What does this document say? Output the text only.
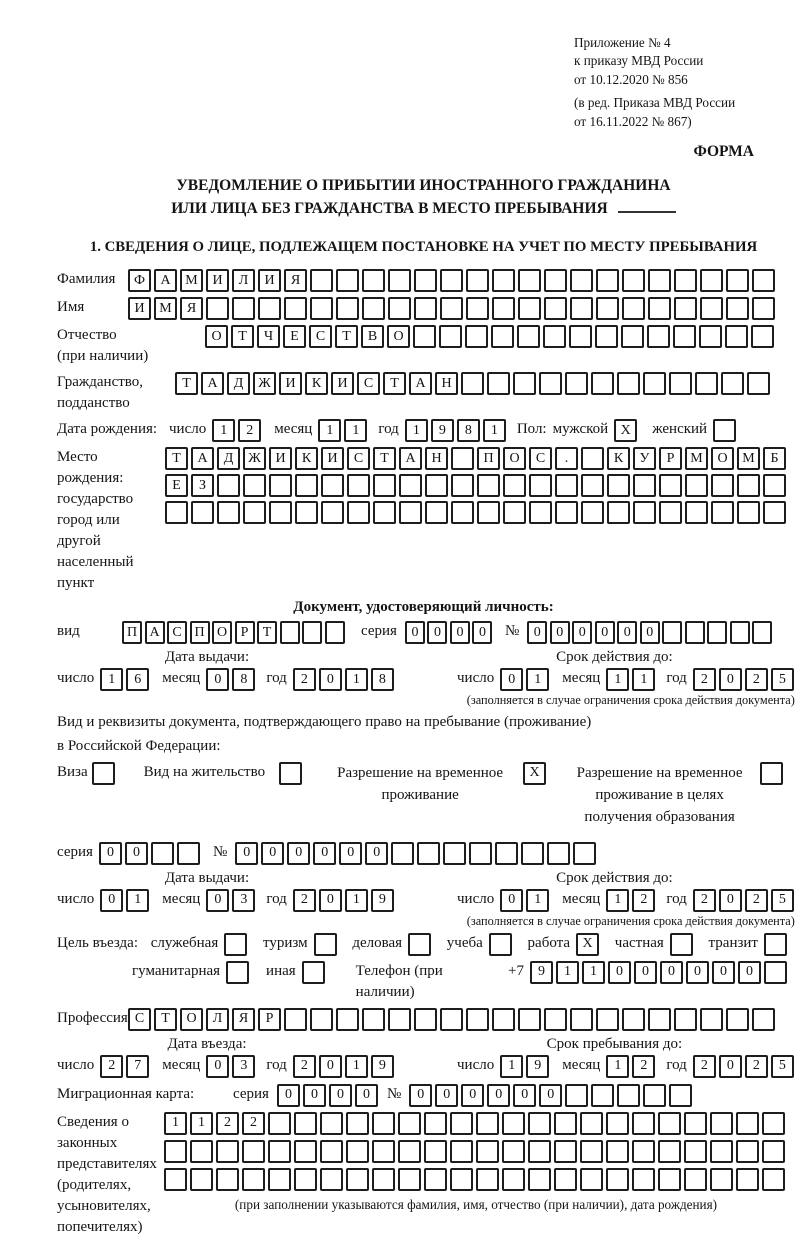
Приложение № 4
к приказу МВД России
от 10.12.2020 № 856
(в ред. Приказа МВД России
от 16.11.2022 № 867)
ФОРМА
УВЕДОМЛЕНИЕ О ПРИБЫТИИ ИНОСТРАННОГО ГРАЖДАНИНА
ИЛИ ЛИЦА БЕЗ ГРАЖДАНСТВА В МЕСТО ПРЕБЫВАНИЯ
1. СВЕДЕНИЯ О ЛИЦЕ, ПОДЛЕЖАЩЕМ ПОСТАНОВКЕ НА УЧЕТ ПО МЕСТУ ПРЕБЫВАНИЯ
Фамилия	Ф	А	М	И	Л	И	Я
Имя	И	М	Я
Отчество
(при наличии)
О	Т	Ч	Е	С	Т	В	О
Гражданство,
подданство
Т	А	Д	Ж	И	К	И	С	Т	А	Н
Дата рождения: число	1	2	месяц	1	1	год	1	9	8	1	Пол: мужской X	женский
Место рождения:
государство
город или другой
населенный пункт
Т	А	Д	Ж	И	К	И	С	Т	А	Н	П	О	С	.	К	У	Р	М	О	М	Б
Е	З
Документ, удостоверяющий личность:
вид	П А С П О Р	Т	серия	0	0	0	0	№	0	0	0	0	0	0
Дата выдачи:
число	1	6	месяц	0	8	год	2	0	1	8
Срок действия до:
число	0	1	месяц	1	1	год	2	0	2	5
(заполняется в случае ограничения срока действия документа)
Вид и реквизиты документа, подтверждающего право на пребывание (проживание)
в Российской Федерации:
Виза	Вид на жительство	Разрешение на временное проживание
X	Разрешение на временное проживание в целях получения образования
серия	0	0	№	0	0	0	0	0	0
Дата выдачи:
число	0	1	месяц	0	3	год	2	0	1	9
Срок действия до:
число	0	1	месяц	1	2	год	2	0	2	5
(заполняется в случае ограничения срока действия документа)
Цель въезда: служебная	туризм	деловая	учеба	работа X	частная	транзит
гуманитарная	иная	Телефон (при наличии)
+7	9	1	1	0	0	0	0	0	0
Профессия С	Т	О	Л	Я	Р
Дата въезда:
число	2	7	месяц	0	3	год	2	0	1	9
Срок пребывания до:
число	1	9	месяц	1	2	год	2	0	2	5
Миграционная карта:	серия	0	0	0	0	№	0	0	0	0	0	0
Сведения о
законных
представителях
(родителях,
усыновителях,
попечителях)
1	1	2	2
(при заполнении указываются фамилия, имя, отчество (при наличии), дата рождения)
